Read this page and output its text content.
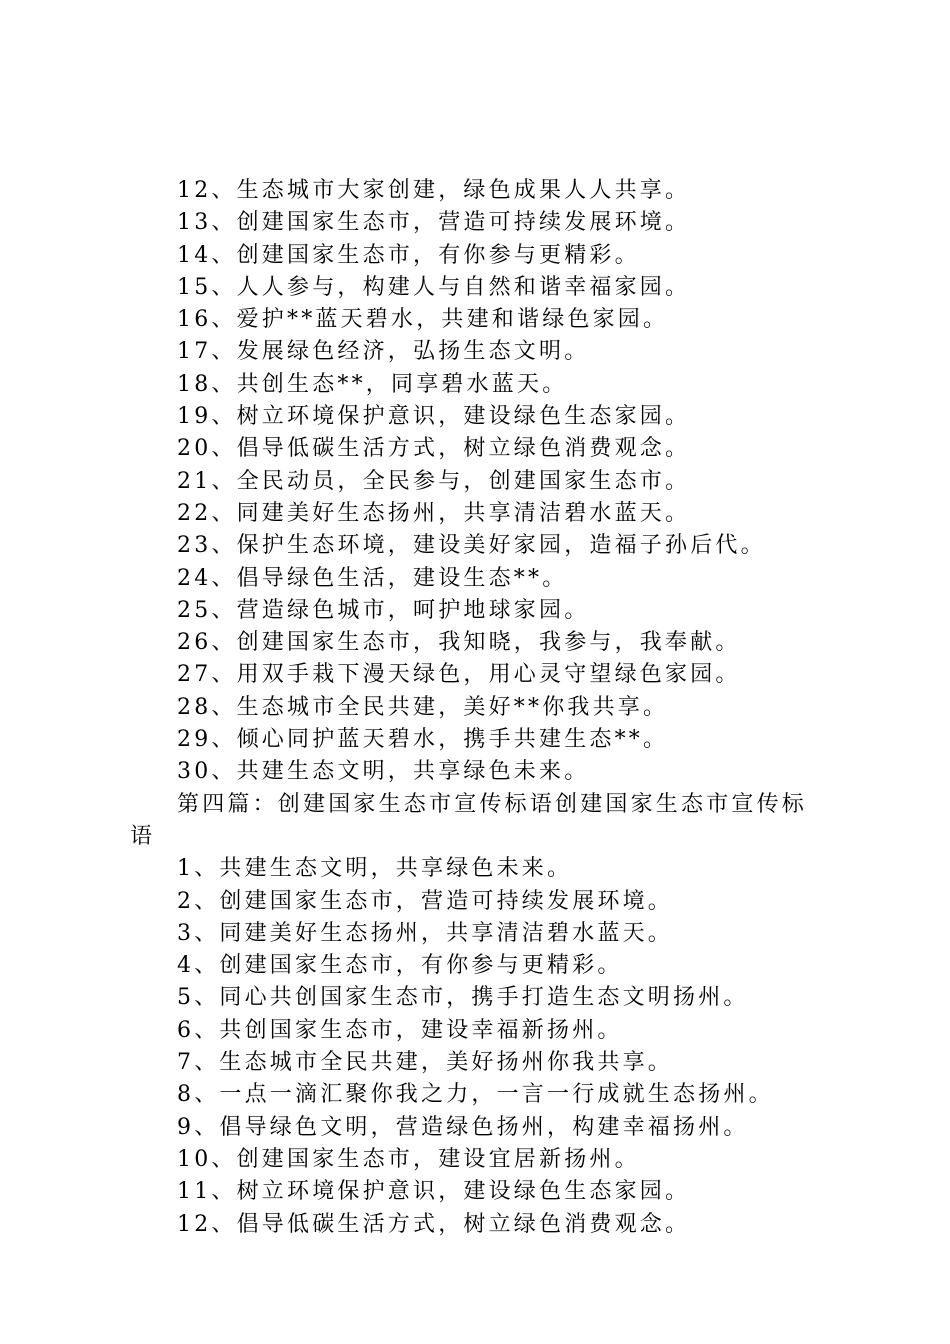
12、生态城市大家创建，绿色成果人人共享。
13、创建国家生态市，营造可持续发展环境。
14、创建国家生态市，有你参与更精彩。
15、人人参与，构建人与自然和谐幸福家园。
16、爱护**蓝天碧水，共建和谐绿色家园。
17、发展绿色经济，弘扬生态文明。
18、共创生态**，同享碧水蓝天。
19、树立环境保护意识，建设绿色生态家园。
20、倡导低碳生活方式，树立绿色消费观念。
21、全民动员，全民参与，创建国家生态市。
22、同建美好生态扬州，共享清洁碧水蓝天。
23、保护生态环境，建设美好家园，造福子孙后代。
24、倡导绿色生活，建设生态**。
25、营造绿色城市，呵护地球家园。
26、创建国家生态市，我知晓，我参与，我奉献。
27、用双手栽下漫天绿色，用心灵守望绿色家园。
28、生态城市全民共建，美好**你我共享。
29、倾心同护蓝天碧水，携手共建生态**。
30、共建生态文明，共享绿色未来。
第四篇：创建国家生态市宣传标语创建国家生态市宣传标
语
1、共建生态文明，共享绿色未来。
2、创建国家生态市，营造可持续发展环境。
3、同建美好生态扬州，共享清洁碧水蓝天。
4、创建国家生态市，有你参与更精彩。
5、同心共创国家生态市，携手打造生态文明扬州。
6、共创国家生态市，建设幸福新扬州。
7、生态城市全民共建，美好扬州你我共享。
8、一点一滴汇聚你我之力，一言一行成就生态扬州。
9、倡导绿色文明，营造绿色扬州，构建幸福扬州。
10、创建国家生态市，建设宜居新扬州。
11、树立环境保护意识，建设绿色生态家园。
12、倡导低碳生活方式，树立绿色消费观念。
